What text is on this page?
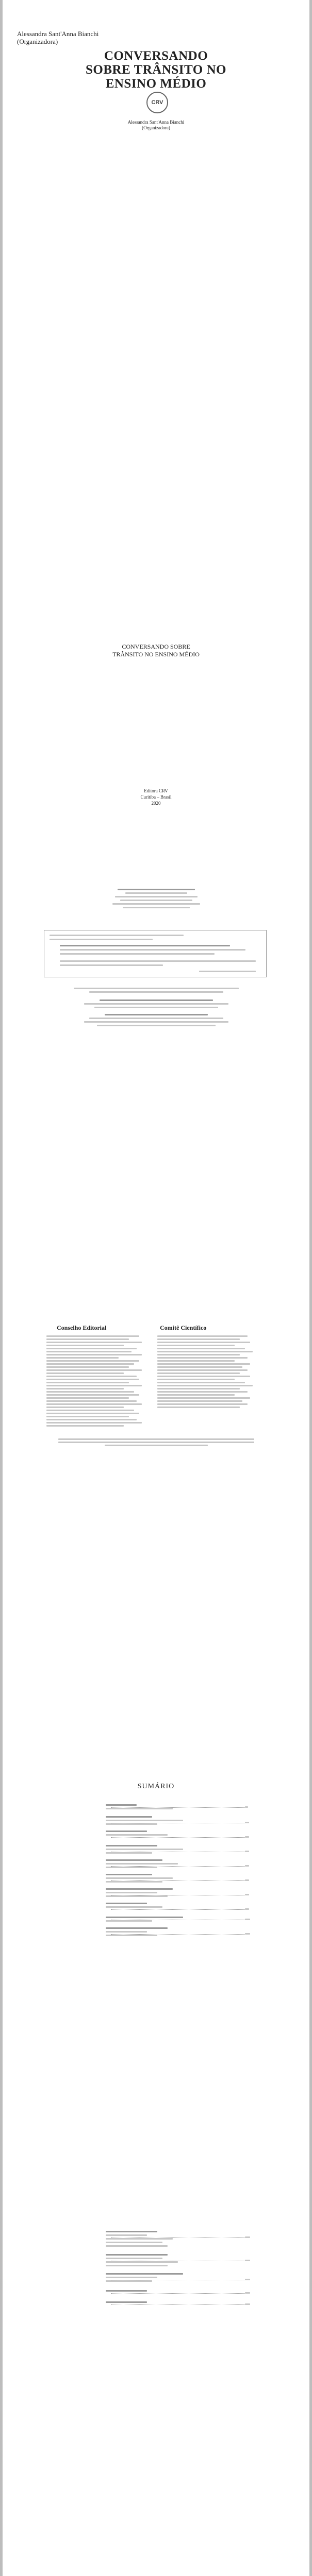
Alessandra Sant'Anna Bianchi
(Organizadora)
CONVERSANDO
SOBRE TRÂNSITO NO
ENSINO MÉDIO
CRV
Alessandra Sant'Anna Bianchi
(Organizadora)
CONVERSANDO SOBRE
TRÂNSITO NO ENSINO MÉDIO
Editora CRV
Curitiba – Brasil
2020
Conselho Editorial	Comitê Científico
SUMÁRIO
